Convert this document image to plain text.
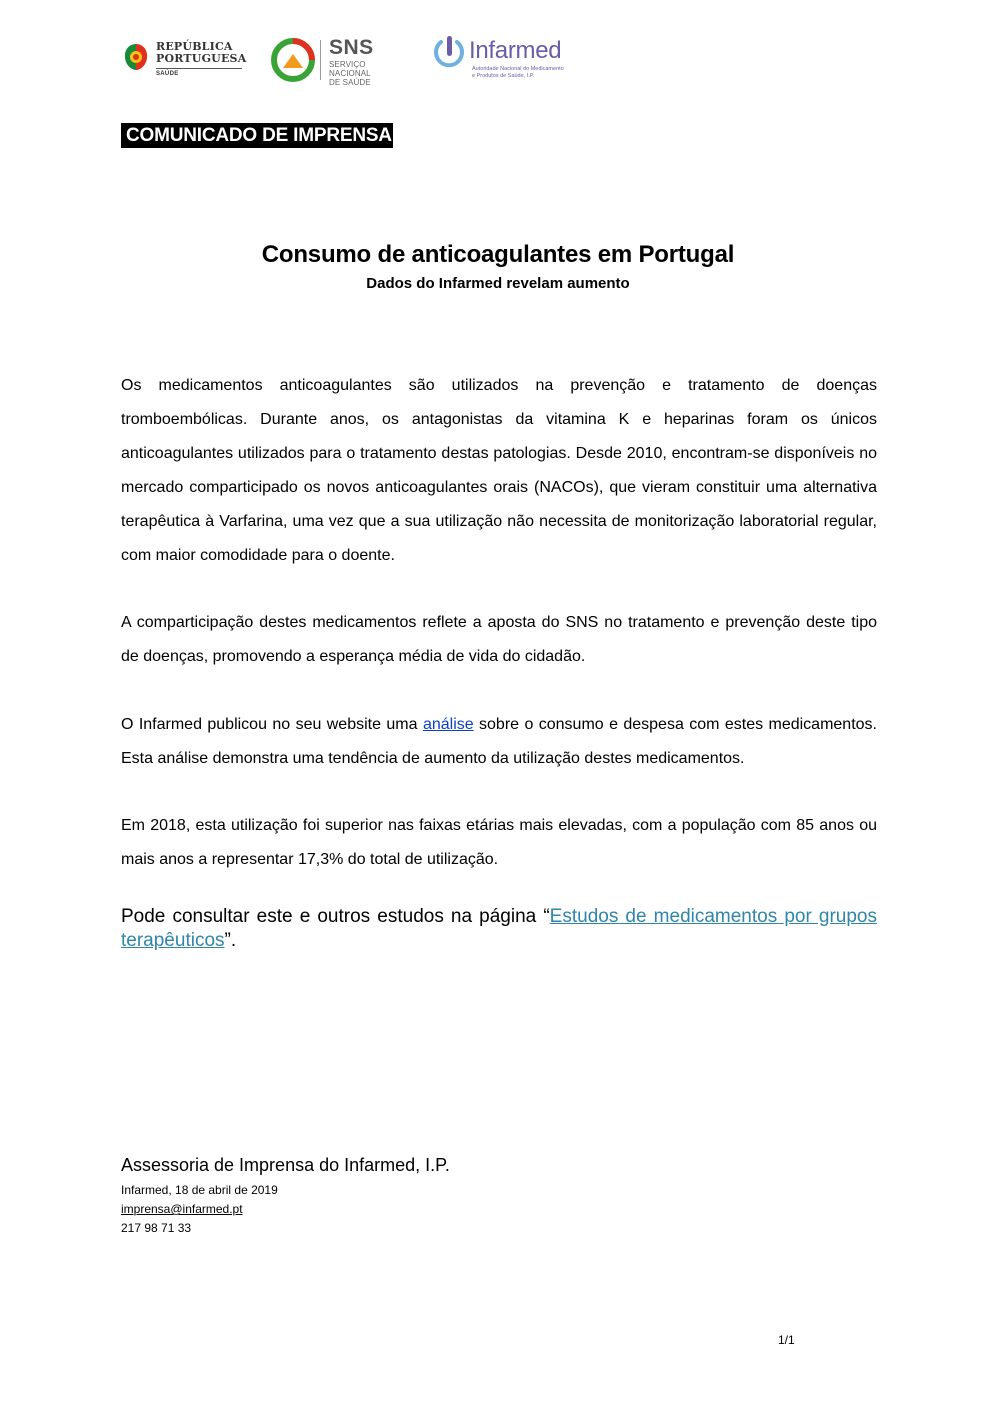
REPÚBLICA
PORTUGUESA
SAÚDE
SNS
SERVIÇO NACIONAL
DE SAÚDE
Infarmed
Autoridade Nacional do Medicamento
e Produtos de Saúde, I.P.
COMUNICADO DE IMPRENSA
Consumo de anticoagulantes em Portugal
Dados do Infarmed revelam aumento

Os medicamentos anticoagulantes são utilizados na prevenção e tratamento de doenças tromboembólicas. Durante anos, os antagonistas da vitamina K e heparinas foram os únicos anticoagulantes utilizados para o tratamento destas patologias. Desde 2010, encontram-se disponíveis no mercado comparticipado os novos anticoagulantes orais (NACOs), que vieram constituir uma alternativa terapêutica à Varfarina, uma vez que a sua utilização não necessita de monitorização laboratorial regular, com maior comodidade para o doente.

A comparticipação destes medicamentos reflete a aposta do SNS no tratamento e prevenção deste tipo de doenças, promovendo a esperança média de vida do cidadão.

O Infarmed publicou no seu website uma análise sobre o consumo e despesa com estes medicamentos. Esta análise demonstra uma tendência de aumento da utilização destes medicamentos.

Em 2018, esta utilização foi superior nas faixas etárias mais elevadas, com a população com 85 anos ou mais anos a representar 17,3% do total de utilização.

Pode consultar este e outros estudos na página “Estudos de medicamentos por grupos terapêuticos”.

Assessoria de Imprensa do Infarmed, I.P.
Infarmed, 18 de abril de 2019
imprensa@infarmed.pt
217 98 71 33
1/1
